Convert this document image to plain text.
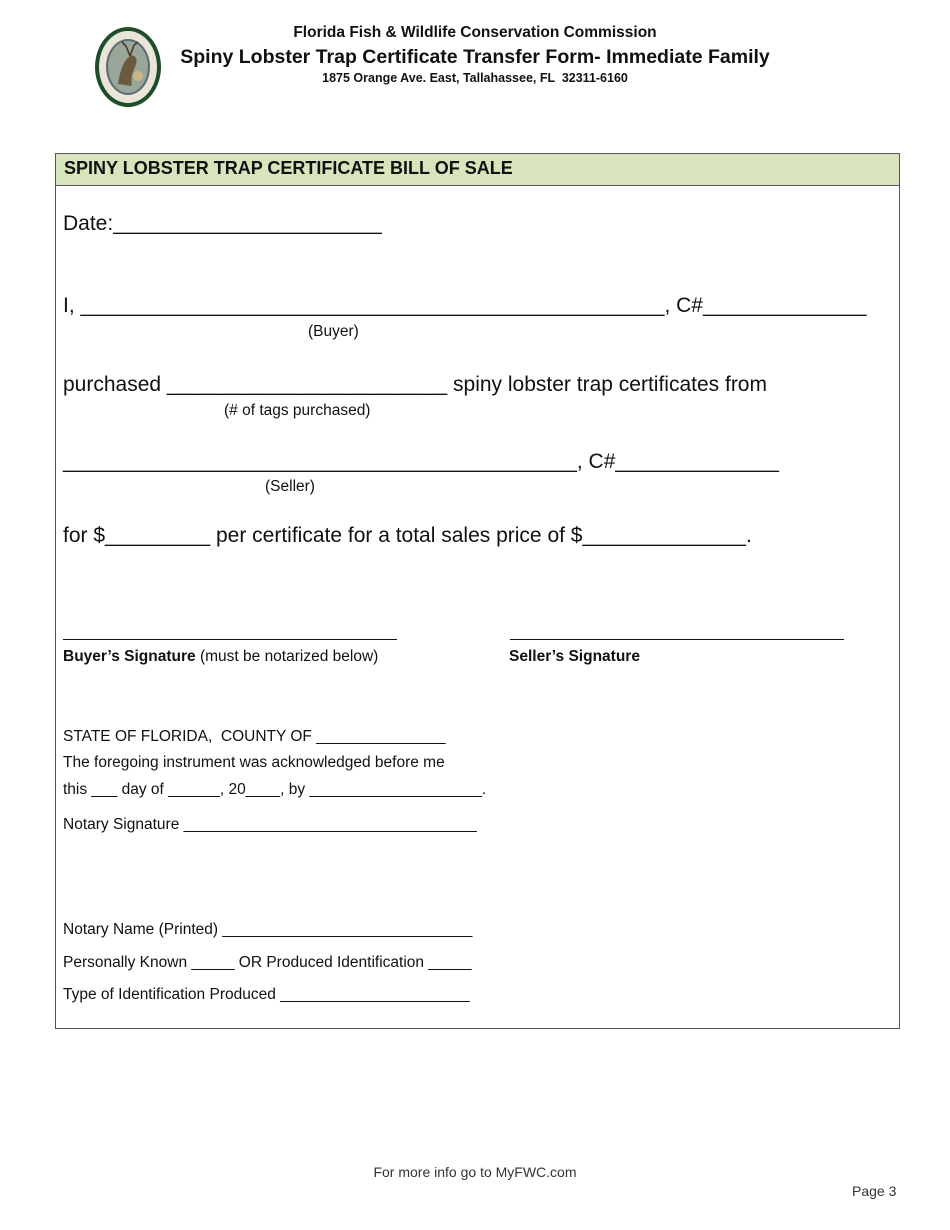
Florida Fish & Wildlife Conservation Commission
Spiny Lobster Trap Certificate Transfer Form- Immediate Family
1875 Orange Ave. East, Tallahassee, FL  32311-6160
SPINY LOBSTER TRAP CERTIFICATE BILL OF SALE
Date:_______________________
I, __________________________________________________, C#______________
(Buyer)
purchased ________________________ spiny lobster trap certificates from
(# of tags purchased)
____________________________________________, C#______________
(Seller)
for $_________ per certificate for a total sales price of $______________.
Buyer’s Signature (must be notarized below)	Seller’s Signature
STATE OF FLORIDA,  COUNTY OF _______________
The foregoing instrument was acknowledged before me
this ___ day of ______, 20____, by ____________________.
Notary Signature __________________________________
Notary Name (Printed) _____________________________
Personally Known _____ OR Produced Identification _____
Type of Identification Produced ______________________
For more info go to MyFWC.com
Page 3
